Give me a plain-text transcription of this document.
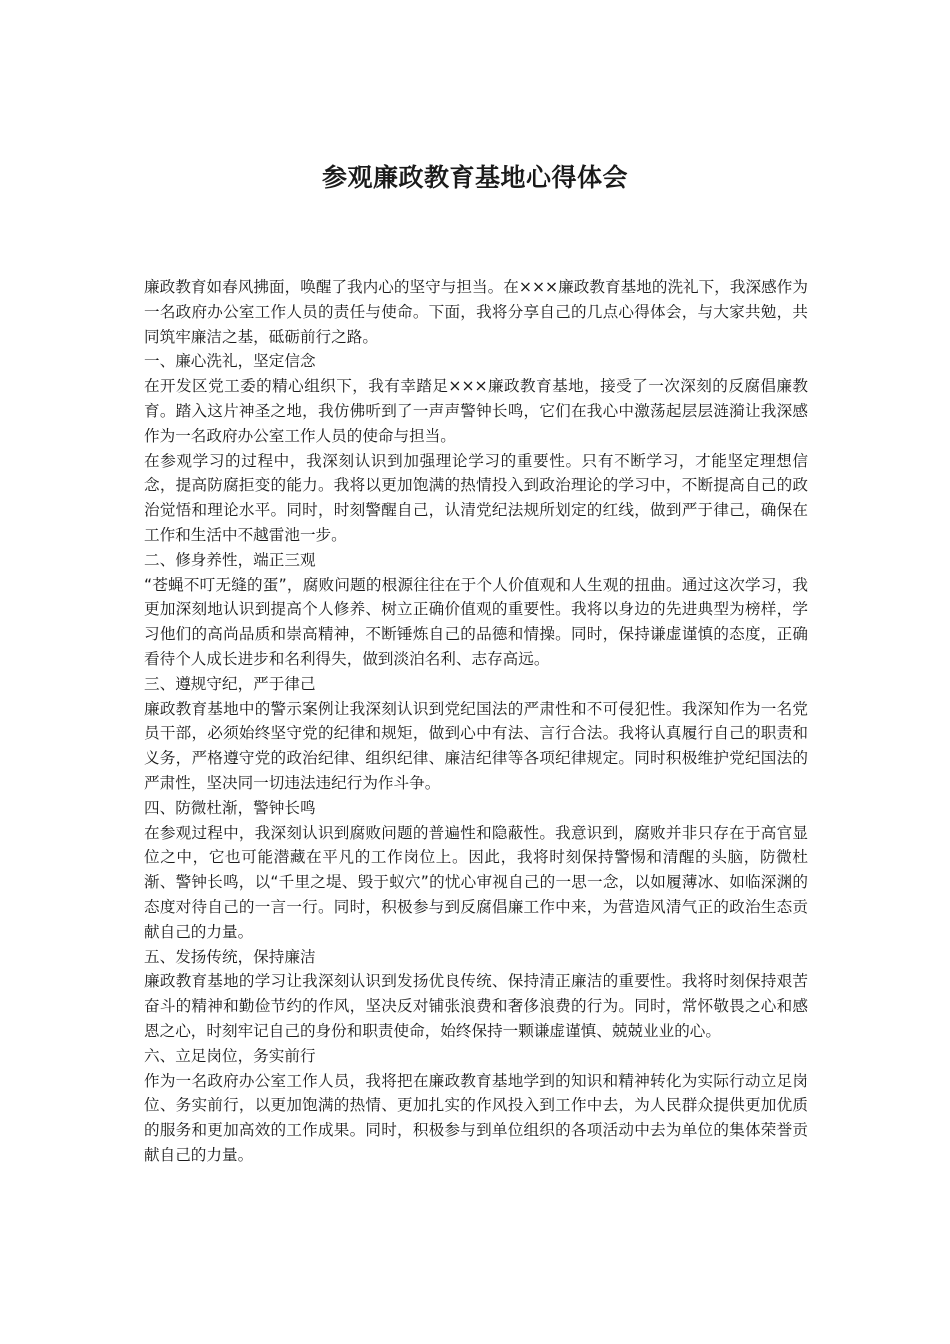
参观廉政教育基地心得体会

廉政教育如春风拂面，唤醒了我内心的坚守与担当。在×××廉政教育基地的洗礼下，我深感作为一名政府办公室工作人员的责任与使命。下面，我将分享自己的几点心得体会，与大家共勉，共同筑牢廉洁之基，砥砺前行之路。

一、廉心洗礼，坚定信念

在开发区党工委的精心组织下，我有幸踏足×××廉政教育基地，接受了一次深刻的反腐倡廉教育。踏入这片神圣之地，我仿佛听到了一声声警钟长鸣，它们在我心中激荡起层层涟漪让我深感作为一名政府办公室工作人员的使命与担当。

在参观学习的过程中，我深刻认识到加强理论学习的重要性。只有不断学习，才能坚定理想信念，提高防腐拒变的能力。我将以更加饱满的热情投入到政治理论的学习中，不断提高自己的政治觉悟和理论水平。同时，时刻警醒自己，认清党纪法规所划定的红线，做到严于律己，确保在工作和生活中不越雷池一步。

二、修身养性，端正三观

“苍蝇不叮无缝的蛋”，腐败问题的根源往往在于个人价值观和人生观的扭曲。通过这次学习，我更加深刻地认识到提高个人修养、树立正确价值观的重要性。我将以身边的先进典型为榜样，学习他们的高尚品质和崇高精神，不断锤炼自己的品德和情操。同时，保持谦虚谨慎的态度，正确看待个人成长进步和名利得失，做到淡泊名利、志存高远。

三、遵规守纪，严于律己

廉政教育基地中的警示案例让我深刻认识到党纪国法的严肃性和不可侵犯性。我深知作为一名党员干部，必须始终坚守党的纪律和规矩，做到心中有法、言行合法。我将认真履行自己的职责和义务，严格遵守党的政治纪律、组织纪律、廉洁纪律等各项纪律规定。同时积极维护党纪国法的严肃性，坚决同一切违法违纪行为作斗争。

四、防微杜渐，警钟长鸣

在参观过程中，我深刻认识到腐败问题的普遍性和隐蔽性。我意识到，腐败并非只存在于高官显位之中，它也可能潜藏在平凡的工作岗位上。因此，我将时刻保持警惕和清醒的头脑，防微杜渐、警钟长鸣，以“千里之堤、毁于蚁穴”的忧心审视自己的一思一念，以如履薄冰、如临深渊的态度对待自己的一言一行。同时，积极参与到反腐倡廉工作中来，为营造风清气正的政治生态贡献自己的力量。

五、发扬传统，保持廉洁

廉政教育基地的学习让我深刻认识到发扬优良传统、保持清正廉洁的重要性。我将时刻保持艰苦奋斗的精神和勤俭节约的作风，坚决反对铺张浪费和奢侈浪费的行为。同时，常怀敬畏之心和感恩之心，时刻牢记自己的身份和职责使命，始终保持一颗谦虚谨慎、兢兢业业的心。

六、立足岗位，务实前行

作为一名政府办公室工作人员，我将把在廉政教育基地学到的知识和精神转化为实际行动立足岗位、务实前行，以更加饱满的热情、更加扎实的作风投入到工作中去，为人民群众提供更加优质的服务和更加高效的工作成果。同时，积极参与到单位组织的各项活动中去为单位的集体荣誉贡献自己的力量。
